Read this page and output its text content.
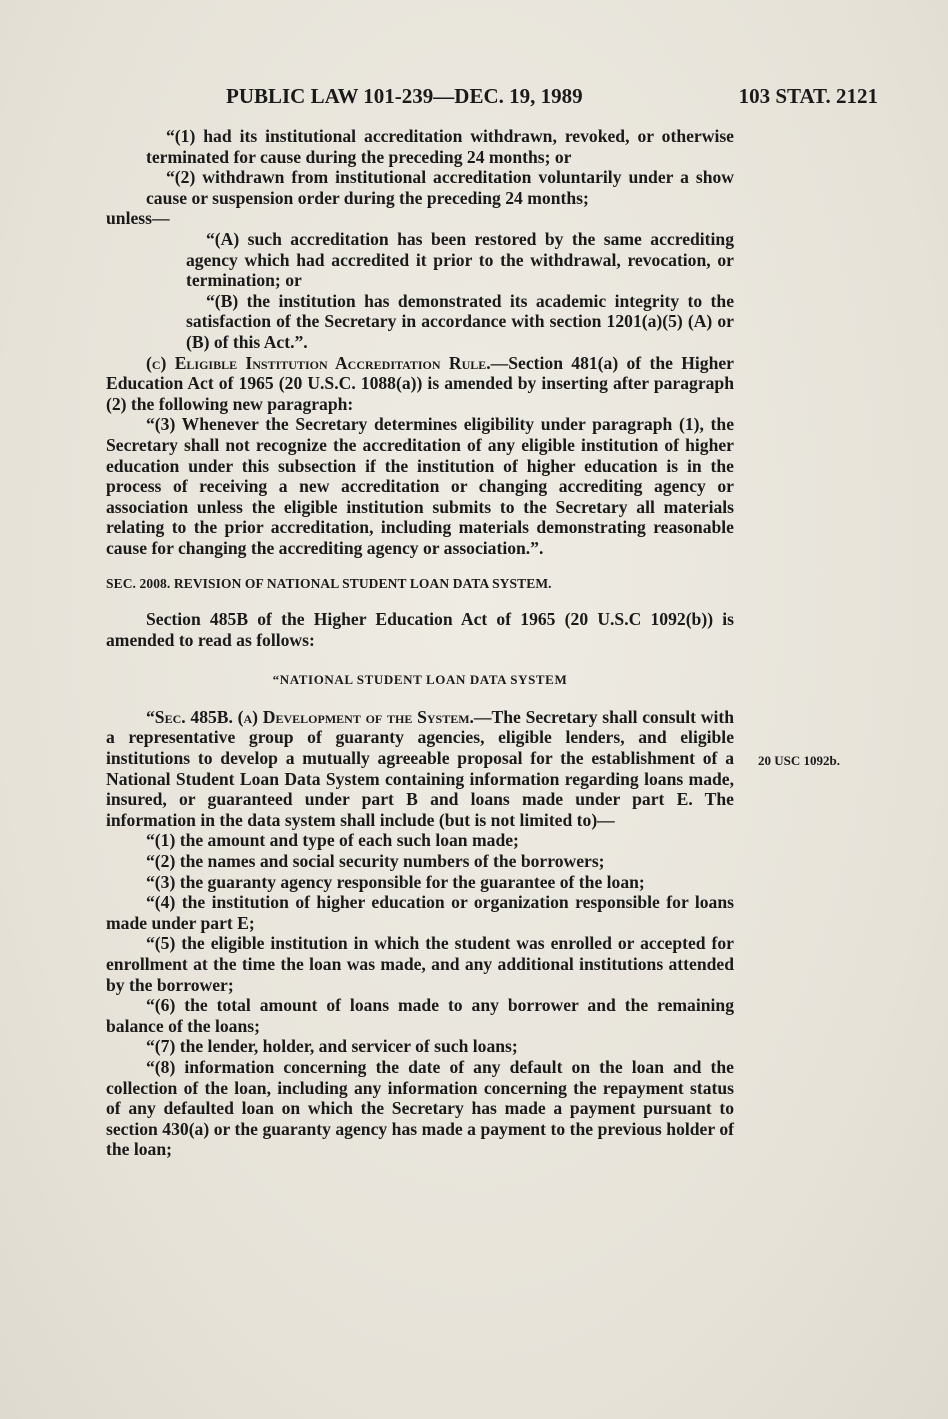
PUBLIC LAW 101-239—DEC. 19, 1989	103 STAT. 2121
20 USC 1092b.

“(1) had its institutional accreditation withdrawn, revoked, or otherwise terminated for cause during the preceding 24 months; or

“(2) withdrawn from institutional accreditation voluntarily under a show cause or suspension order during the preceding 24 months;

unless—

“(A) such accreditation has been restored by the same accrediting agency which had accredited it prior to the withdrawal, revocation, or termination; or

“(B) the institution has demonstrated its academic integrity to the satisfaction of the Secretary in accordance with section 1201(a)(5) (A) or (B) of this Act.”.

(c) Eligible Institution Accreditation Rule.—Section 481(a) of the Higher Education Act of 1965 (20 U.S.C. 1088(a)) is amended by inserting after paragraph (2) the following new paragraph:

“(3) Whenever the Secretary determines eligibility under paragraph (1), the Secretary shall not recognize the accreditation of any eligible institution of higher education under this subsection if the institution of higher education is in the process of receiving a new accreditation or changing accrediting agency or association unless the eligible institution submits to the Secretary all materials relating to the prior accreditation, including materials demonstrating reasonable cause for changing the accrediting agency or association.”.

SEC. 2008. REVISION OF NATIONAL STUDENT LOAN DATA SYSTEM.

Section 485B of the Higher Education Act of 1965 (20 U.S.C 1092(b)) is amended to read as follows:

“NATIONAL STUDENT LOAN DATA SYSTEM

“Sec. 485B. (a) Development of the System.—The Secretary shall consult with a representative group of guaranty agencies, eligible lenders, and eligible institutions to develop a mutually agreeable proposal for the establishment of a National Student Loan Data System containing information regarding loans made, insured, or guaranteed under part B and loans made under part E. The information in the data system shall include (but is not limited to)—

“(1) the amount and type of each such loan made;

“(2) the names and social security numbers of the borrowers;

“(3) the guaranty agency responsible for the guarantee of the loan;

“(4) the institution of higher education or organization responsible for loans made under part E;

“(5) the eligible institution in which the student was enrolled or accepted for enrollment at the time the loan was made, and any additional institutions attended by the borrower;

“(6) the total amount of loans made to any borrower and the remaining balance of the loans;

“(7) the lender, holder, and servicer of such loans;

“(8) information concerning the date of any default on the loan and the collection of the loan, including any information concerning the repayment status of any defaulted loan on which the Secretary has made a payment pursuant to section 430(a) or the guaranty agency has made a payment to the previous holder of the loan;
